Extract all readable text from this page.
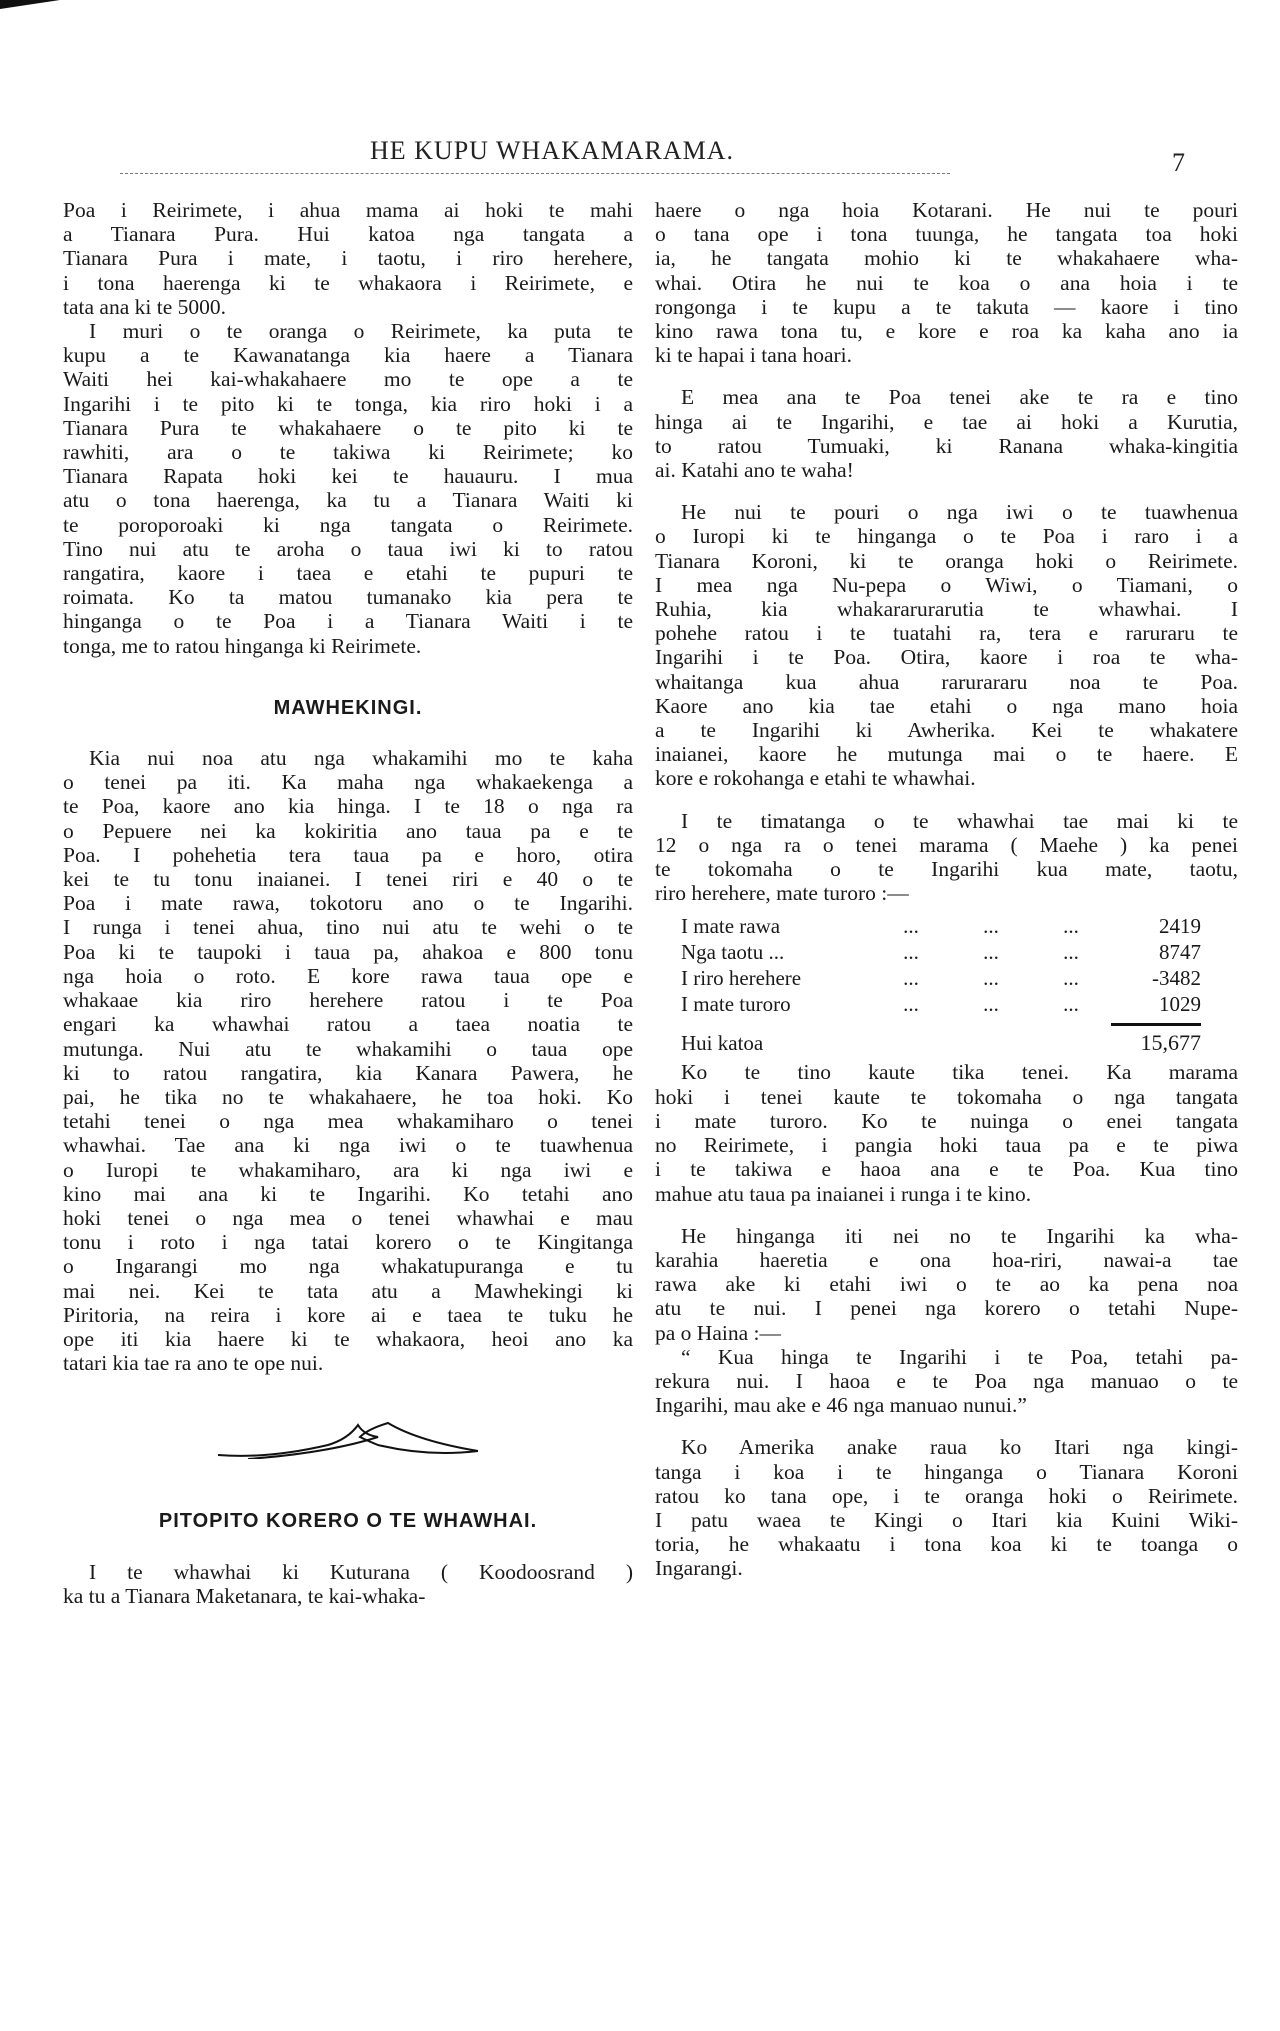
HE KUPU WHAKAMARAMA.	7
Poa i Reirimete, i ahua mama ai hoki te mahi
a Tianara Pura. Hui katoa nga tangata a
Tianara Pura i mate, i taotu, i riro herehere,
i tona haerenga ki te whakaora i Reirimete, e
tata ana ki te 5000.
I muri o te oranga o Reirimete, ka puta te
kupu a te Kawanatanga kia haere a Tianara
Waiti hei kai-whakahaere mo te ope a te
Ingarihi i te pito ki te tonga, kia riro hoki i a
Tianara Pura te whakahaere o te pito ki te
rawhiti, ara o te takiwa ki Reirimete; ko
Tianara Rapata hoki kei te hauauru. I mua
atu o tona haerenga, ka tu a Tianara Waiti ki
te poroporoaki ki nga tangata o Reirimete.
Tino nui atu te aroha o taua iwi ki to ratou
rangatira, kaore i taea e etahi te pupuri te
roimata. Ko ta matou tumanako kia pera te
hinganga o te Poa i a Tianara Waiti i te
tonga, me to ratou hinganga ki Reirimete.
MAWHEKINGI.
Kia nui noa atu nga whakamihi mo te kaha
o tenei pa iti. Ka maha nga whakaekenga a
te Poa, kaore ano kia hinga. I te 18 o nga ra
o Pepuere nei ka kokiritia ano taua pa e te
Poa. I pohehetia tera taua pa e horo, otira
kei te tu tonu inaianei. I tenei riri e 40 o te
Poa i mate rawa, tokotoru ano o te Ingarihi.
I runga i tenei ahua, tino nui atu te wehi o te
Poa ki te taupoki i taua pa, ahakoa e 800 tonu
nga hoia o roto. E kore rawa taua ope e
whakaae kia riro herehere ratou i te Poa
engari ka whawhai ratou a taea noatia te
mutunga. Nui atu te whakamihi o taua ope
ki to ratou rangatira, kia Kanara Pawera, he
pai, he tika no te whakahaere, he toa hoki. Ko
tetahi tenei o nga mea whakamiharo o tenei
whawhai. Tae ana ki nga iwi o te tuawhenua
o Iuropi te whakamiharo, ara ki nga iwi e
kino mai ana ki te Ingarihi. Ko tetahi ano
hoki tenei o nga mea o tenei whawhai e mau
tonu i roto i nga tatai korero o te Kingitanga
o Ingarangi mo nga whakatupuranga e tu
mai nei. Kei te tata atu a Mawhekingi ki
Piritoria, na reira i kore ai e taea te tuku he
ope iti kia haere ki te whakaora, heoi ano ka
tatari kia tae ra ano te ope nui.
PITOPITO KORERO O TE WHAWHAI.
I te whawhai ki Kuturana ( Koodoosrand )
ka tu a Tianara Maketanara, te kai-whaka-
haere o nga hoia Kotarani. He nui te pouri
o tana ope i tona tuunga, he tangata toa hoki
ia, he tangata mohio ki te whakahaere wha-
whai. Otira he nui te koa o ana hoia i te
rongonga i te kupu a te takuta — kaore i tino
kino rawa tona tu, e kore e roa ka kaha ano ia
ki te hapai i tana hoari.
E mea ana te Poa tenei ake te ra e tino
hinga ai te Ingarihi, e tae ai hoki a Kurutia,
to ratou Tumuaki, ki Ranana whaka-kingitia
ai. Katahi ano te waha!
He nui te pouri o nga iwi o te tuawhenua
o Iuropi ki te hinganga o te Poa i raro i a
Tianara Koroni, ki te oranga hoki o Reirimete.
I mea nga Nu-pepa o Wiwi, o Tiamani, o
Ruhia, kia whakararurarutia te whawhai. I
pohehe ratou i te tuatahi ra, tera e raruraru te
Ingarihi i te Poa. Otira, kaore i roa te wha-
whaitanga kua ahua rarurararu noa te Poa.
Kaore ano kia tae etahi o nga mano hoia
a te Ingarihi ki Awherika. Kei te whakatere
inaianei, kaore he mutunga mai o te haere. E
kore e rokohanga e etahi te whawhai.
I te timatanga o te whawhai tae mai ki te
12 o nga ra o tenei marama ( Maehe ) ka penei
te tokomaha o te Ingarihi kua mate, taotu,
riro herehere, mate turoro :—
I mate rawa	...	...	...	2419
Nga taotu ...	...	...	...	8747
I riro herehere	...	...	...	-3482
I mate turoro	...	...	...	1029
Hui katoa	15,677
Ko te tino kaute tika tenei. Ka marama
hoki i tenei kaute te tokomaha o nga tangata
i mate turoro. Ko te nuinga o enei tangata
no Reirimete, i pangia hoki taua pa e te piwa
i te takiwa e haoa ana e te Poa. Kua tino
mahue atu taua pa inaianei i runga i te kino.
He hinganga iti nei no te Ingarihi ka wha-
karahia haeretia e ona hoa-riri, nawai-a tae
rawa ake ki etahi iwi o te ao ka pena noa
atu te nui. I penei nga korero o tetahi Nupe-
pa o Haina :—
“ Kua hinga te Ingarihi i te Poa, tetahi pa-
rekura nui. I haoa e te Poa nga manuao o te
Ingarihi, mau ake e 46 nga manuao nunui.”
Ko Amerika anake raua ko Itari nga kingi-
tanga i koa i te hinganga o Tianara Koroni
ratou ko tana ope, i te oranga hoki o Reirimete.
I patu waea te Kingi o Itari kia Kuini Wiki-
toria, he whakaatu i tona koa ki te toanga o
Ingarangi.
